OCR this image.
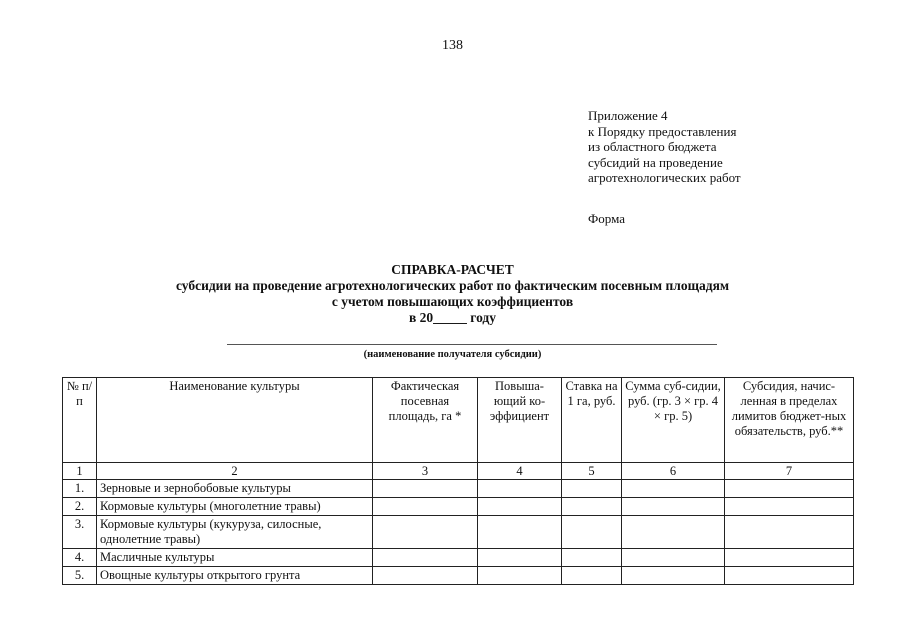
138
Приложение 4
к Порядку предоставления
из областного бюджета
субсидий на проведение
агротехнологических работ
Форма
СПРАВКА-РАСЧЕТ
субсидии на проведение агротехнологических работ по фактическим посевным площадям
с учетом повышающих коэффициентов
в 20_____ году
(наименование получателя субсидии)
№ п/п	Наименование культуры	Фактическая посевная площадь, га *	Повыша-ющий ко-эффициент	Ставка на 1 га, руб.	Сумма суб-сидии, руб. (гр. 3 × гр. 4 × гр. 5)	Субсидия, начис-ленная в пределах лимитов бюджет-ных обязательств, руб.**
1	2	3	4	5	6	7
1.	Зерновые и зернобобовые культуры					
2.	Кормовые культуры (многолетние травы)					
3.	Кормовые культуры (кукуруза, силосные, однолетние травы)					
4.	Масличные культуры					
5.	Овощные культуры открытого грунта					
